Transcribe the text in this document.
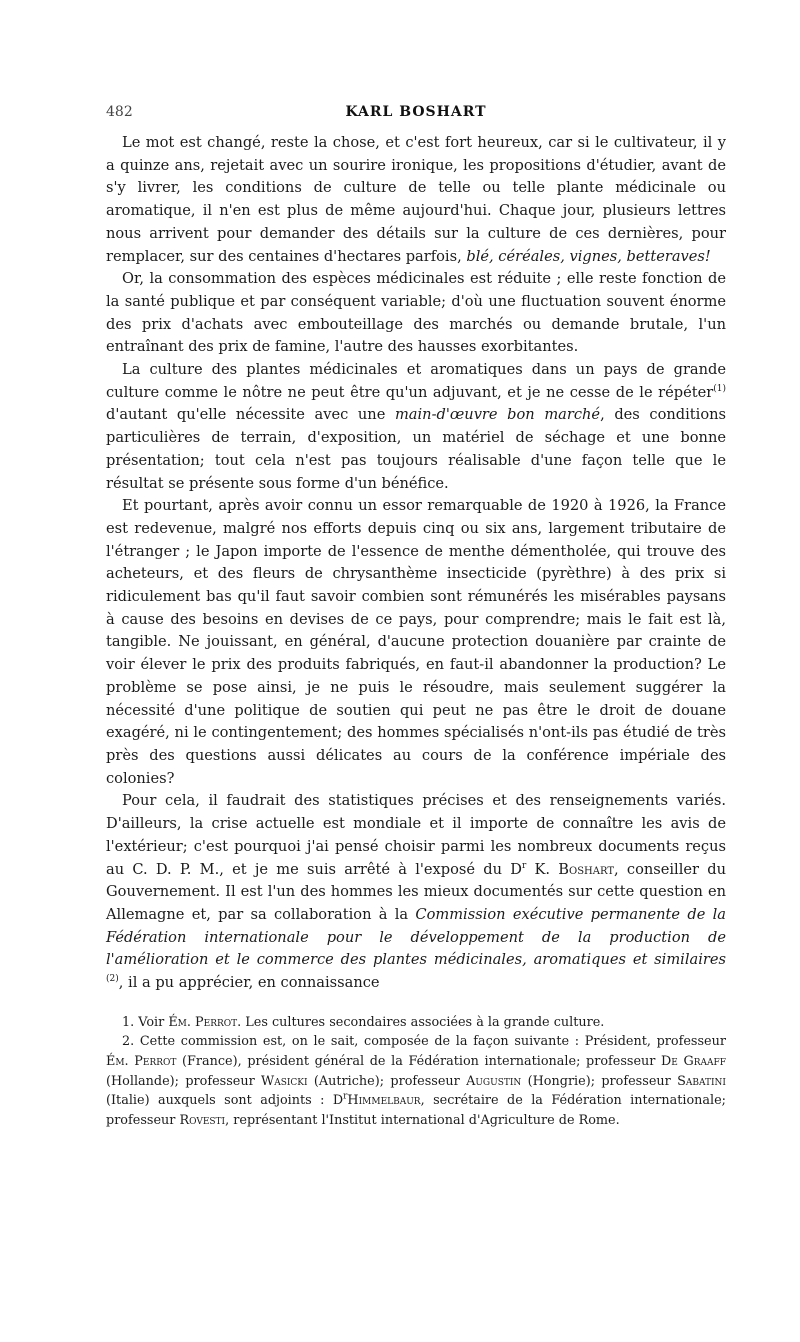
482	KARL BOSHART

Le mot est changé, reste la chose, et c'est fort heureux, car si le cultivateur, il y a quinze ans, rejetait avec un sourire ironique, les propositions d'étudier, avant de s'y livrer, les conditions de culture de telle ou telle plante médicinale ou aromatique, il n'en est plus de même aujourd'hui. Chaque jour, plusieurs lettres nous arrivent pour demander des détails sur la culture de ces dernières, pour remplacer, sur des centaines d'hectares parfois, blé, céréales, vignes, betteraves!

Or, la consommation des espèces médicinales est réduite ; elle reste fonction de la santé publique et par conséquent variable; d'où une fluctuation souvent énorme des prix d'achats avec embouteillage des marchés ou demande brutale, l'un entraînant des prix de famine, l'autre des hausses exorbitantes.

La culture des plantes médicinales et aromatiques dans un pays de grande culture comme le nôtre ne peut être qu'un adjuvant, et je ne cesse de le répéter$^{(1)}$ d'autant qu'elle nécessite avec une main-d'œuvre bon marché, des conditions particulières de terrain, d'exposition, un matériel de séchage et une bonne présentation; tout cela n'est pas toujours réalisable d'une façon telle que le résultat se présente sous forme d'un bénéfice.

Et pourtant, après avoir connu un essor remarquable de 1920 à 1926, la France est redevenue, malgré nos efforts depuis cinq ou six ans, largement tributaire de l'étranger ; le Japon importe de l'essence de menthe démentholée, qui trouve des acheteurs, et des fleurs de chrysanthème insecticide (pyrèthre) à des prix si ridiculement bas qu'il faut savoir combien sont rémunérés les misérables paysans à cause des besoins en devises de ce pays, pour comprendre; mais le fait est là, tangible. Ne jouissant, en général, d'aucune protection douanière par crainte de voir élever le prix des produits fabriqués, en faut-il abandonner la production? Le problème se pose ainsi, je ne puis le résoudre, mais seulement suggérer la nécessité d'une politique de soutien qui peut ne pas être le droit de douane exagéré, ni le contingentement; des hommes spécialisés n'ont-ils pas étudié de très près des questions aussi délicates au cours de la conférence impériale des colonies?

Pour cela, il faudrait des statistiques précises et des renseignements variés. D'ailleurs, la crise actuelle est mondiale et il importe de connaître les avis de l'extérieur; c'est pourquoi j'ai pensé choisir parmi les nombreux documents reçus au C. D. P. M., et je me suis arrêté à l'exposé du $D^r$ K. Boshart, conseiller du Gouvernement. Il est l'un des hommes les mieux documentés sur cette question en Allemagne et, par sa collaboration à la Commission exécutive permanente de la Fédération internationale pour le développement de la production de l'amélioration et le commerce des plantes médicinales, aromatiques et similaires $^{(2)}$, il a pu apprécier, en connaissance

1. Voir Ém. Perrot. Les cultures secondaires associées à la grande culture.

2. Cette commission est, on le sait, composée de la façon suivante : Président, professeur Ém. Perrot (France), président général de la Fédération internationale; professeur De Graaff (Hollande); professeur Wasicki (Autriche); professeur Augustin (Hongrie); professeur Sabatini (Italie) auxquels sont adjoints : $D^rHimmelbaur$, secrétaire de la Fédération internationale; professeur Rovesti, représentant l'Institut international d'Agriculture de Rome.
